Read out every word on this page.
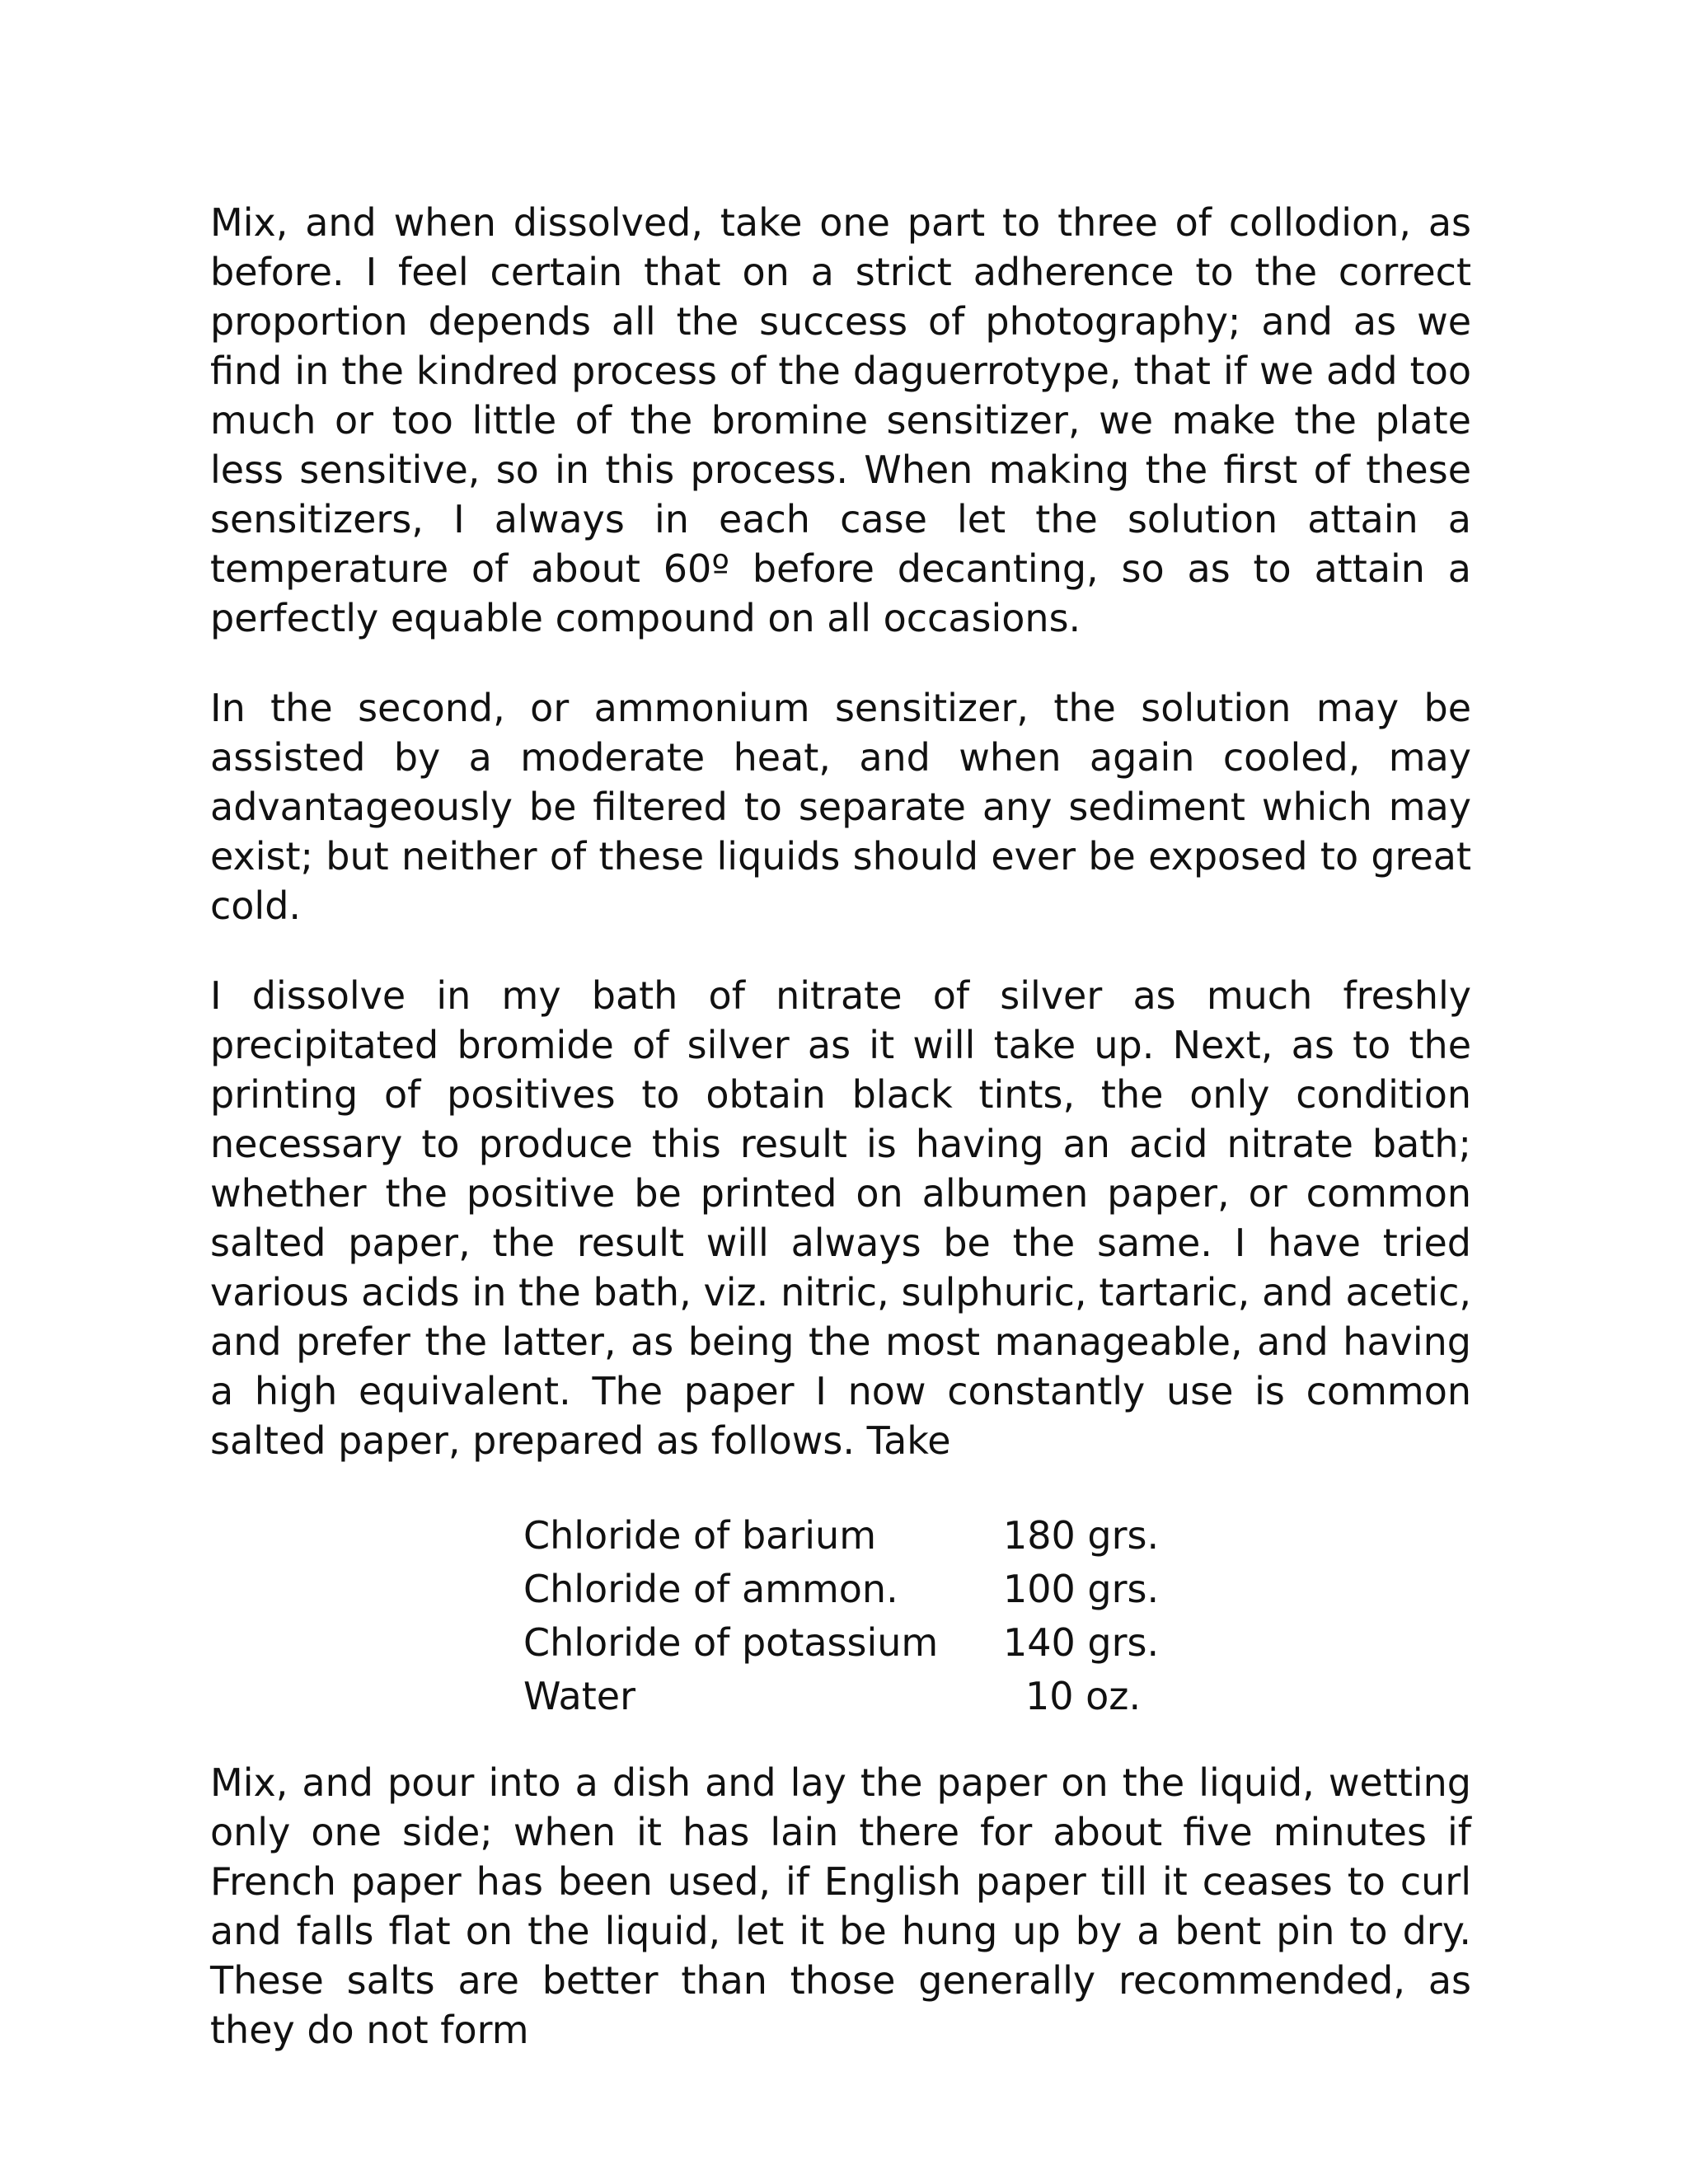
Mix, and when dissolved, take one part to three of collodion, as before. I feel certain that on a strict adherence to the correct proportion depends all the success of photography; and as we find in the kindred process of the daguerrotype, that if we add too much or too little of the bromine sensitizer, we make the plate less sensitive, so in this process. When making the first of these sensitizers, I always in each case let the solution attain a temperature of about 60º before decanting, so as to attain a perfectly equable compound on all occasions.

In the second, or ammonium sensitizer, the solution may be assisted by a moderate heat, and when again cooled, may advantageously be filtered to separate any sediment which may exist; but neither of these liquids should ever be exposed to great cold.

I dissolve in my bath of nitrate of silver as much freshly precipitated bromide of silver as it will take up. Next, as to the printing of positives to obtain black tints, the only condition necessary to produce this result is having an acid nitrate bath; whether the positive be printed on albumen paper, or common salted paper, the result will always be the same. I have tried various acids in the bath, viz. nitric, sulphuric, tartaric, and acetic, and prefer the latter, as being the most manageable, and having a high equivalent. The paper I now constantly use is common salted paper, prepared as follows. Take

Chloride of barium	180 grs.
Chloride of ammon.	100 grs.
Chloride of potassium	140 grs.
Water	10 oz.

Mix, and pour into a dish and lay the paper on the liquid, wetting only one side; when it has lain there for about five minutes if French paper has been used, if English paper till it ceases to curl and falls flat on the liquid, let it be hung up by a bent pin to dry. These salts are better than those generally recommended, as they do not form
